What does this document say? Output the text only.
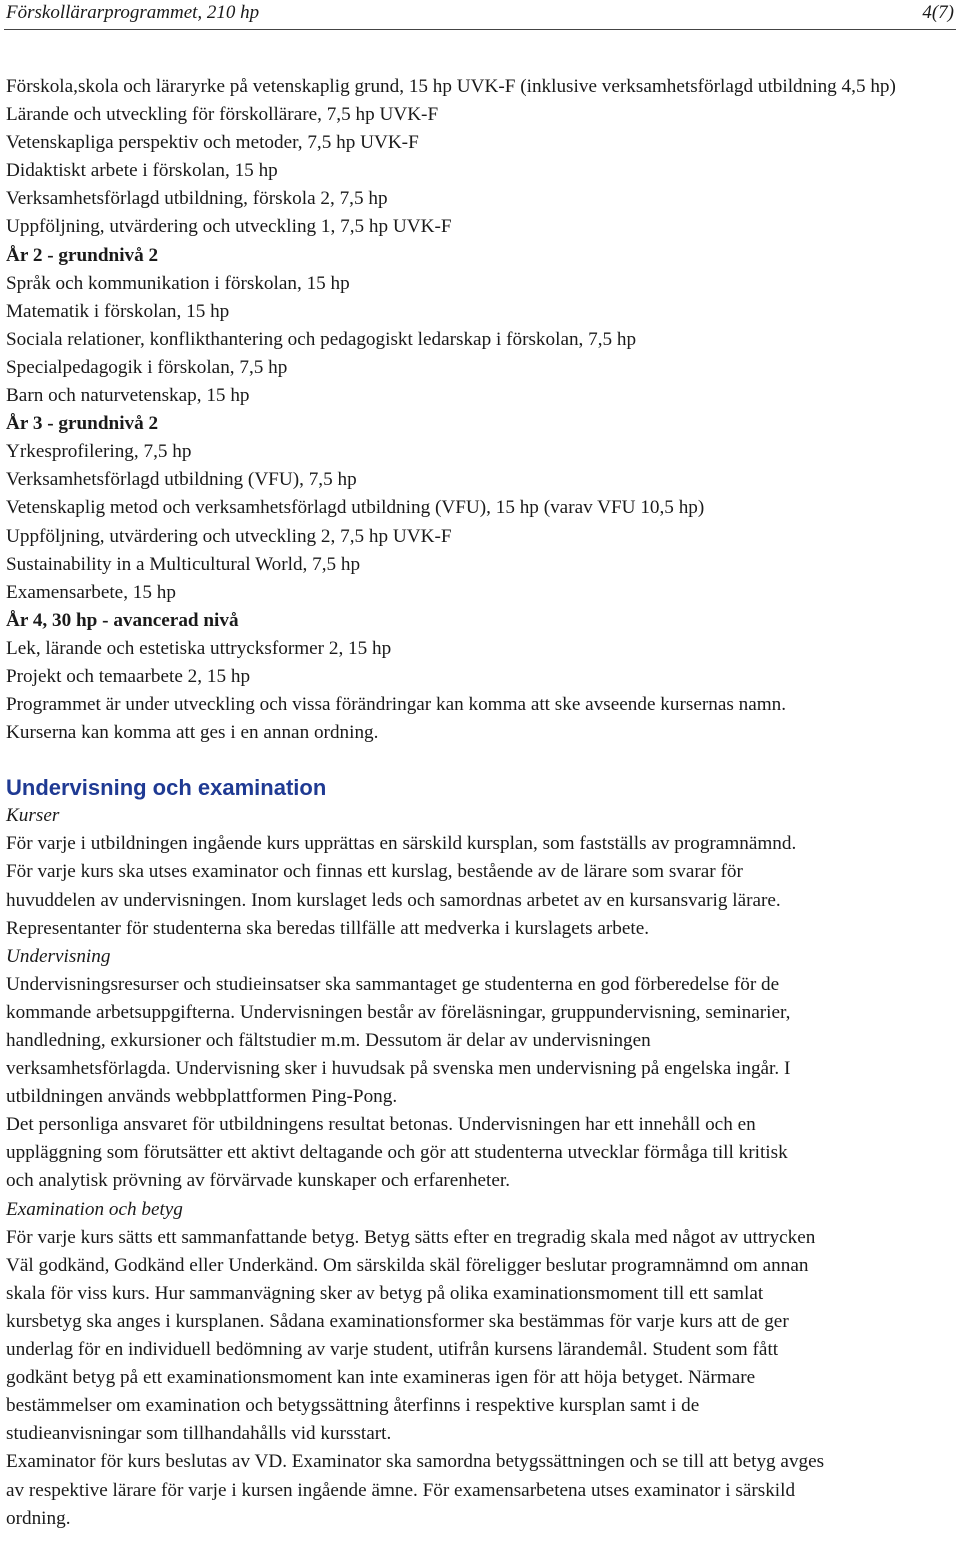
Förskollärarprogrammet, 210 hp	4(7)

Förskola,skola och läraryrke på vetenskaplig grund, 15 hp UVK-F (inklusive verksamhetsförlagd utbildning 4,5 hp)

Lärande och utveckling för förskollärare, 7,5 hp UVK-F

Vetenskapliga perspektiv och metoder, 7,5 hp UVK-F

Didaktiskt arbete i förskolan, 15 hp

Verksamhetsförlagd utbildning, förskola 2, 7,5 hp

Uppföljning, utvärdering och utveckling 1, 7,5 hp UVK-F

År 2 - grundnivå 2

Språk och kommunikation i förskolan, 15 hp

Matematik i förskolan, 15 hp

Sociala relationer, konflikthantering och pedagogiskt ledarskap i förskolan, 7,5 hp

Specialpedagogik i förskolan, 7,5 hp

Barn och naturvetenskap, 15 hp

År 3 - grundnivå 2

Yrkesprofilering, 7,5 hp

Verksamhetsförlagd utbildning (VFU), 7,5 hp

Vetenskaplig metod och verksamhetsförlagd utbildning (VFU), 15 hp (varav VFU 10,5 hp)

Uppföljning, utvärdering och utveckling 2, 7,5 hp UVK-F

Sustainability in a Multicultural World, 7,5 hp

Examensarbete, 15 hp

År 4, 30 hp - avancerad nivå

Lek, lärande och estetiska uttrycksformer 2, 15 hp

Projekt och temaarbete 2, 15 hp

Programmet är under utveckling och vissa förändringar kan komma att ske avseende kursernas namn.

Kurserna kan komma att ges i en annan ordning.

Undervisning och examination

Kurser

För varje i utbildningen ingående kurs upprättas en särskild kursplan, som fastställs av programnämnd.

För varje kurs ska utses examinator och finnas ett kurslag, bestående av de lärare som svarar för

huvuddelen av undervisningen. Inom kurslaget leds och samordnas arbetet av en kursansvarig lärare.

Representanter för studenterna ska beredas tillfälle att medverka i kurslagets arbete.

Undervisning

Undervisningsresurser och studieinsatser ska sammantaget ge studenterna en god förberedelse för de

kommande arbetsuppgifterna. Undervisningen består av föreläsningar, gruppundervisning, seminarier,

handledning, exkursioner och fältstudier m.m. Dessutom är delar av undervisningen

verksamhetsförlagda. Undervisning sker i huvudsak på svenska men undervisning på engelska ingår. I

utbildningen används webbplattformen Ping-Pong.

Det personliga ansvaret för utbildningens resultat betonas. Undervisningen har ett innehåll och en

uppläggning som förutsätter ett aktivt deltagande och gör att studenterna utvecklar förmåga till kritisk

och analytisk prövning av förvärvade kunskaper och erfarenheter.

Examination och betyg

För varje kurs sätts ett sammanfattande betyg. Betyg sätts efter en tregradig skala med något av uttrycken

Väl godkänd, Godkänd eller Underkänd. Om särskilda skäl föreligger beslutar programnämnd om annan

skala för viss kurs. Hur sammanvägning sker av betyg på olika examinationsmoment till ett samlat

kursbetyg ska anges i kursplanen. Sådana examinationsformer ska bestämmas för varje kurs att de ger

underlag för en individuell bedömning av varje student, utifrån kursens lärandemål. Student som fått

godkänt betyg på ett examinationsmoment kan inte examineras igen för att höja betyget. Närmare

bestämmelser om examination och betygssättning återfinns i respektive kursplan samt i de

studieanvisningar som tillhandahålls vid kursstart.

Examinator för kurs beslutas av VD. Examinator ska samordna betygssättningen och se till att betyg avges

av respektive lärare för varje i kursen ingående ämne. För examensarbetena utses examinator i särskild

ordning.
